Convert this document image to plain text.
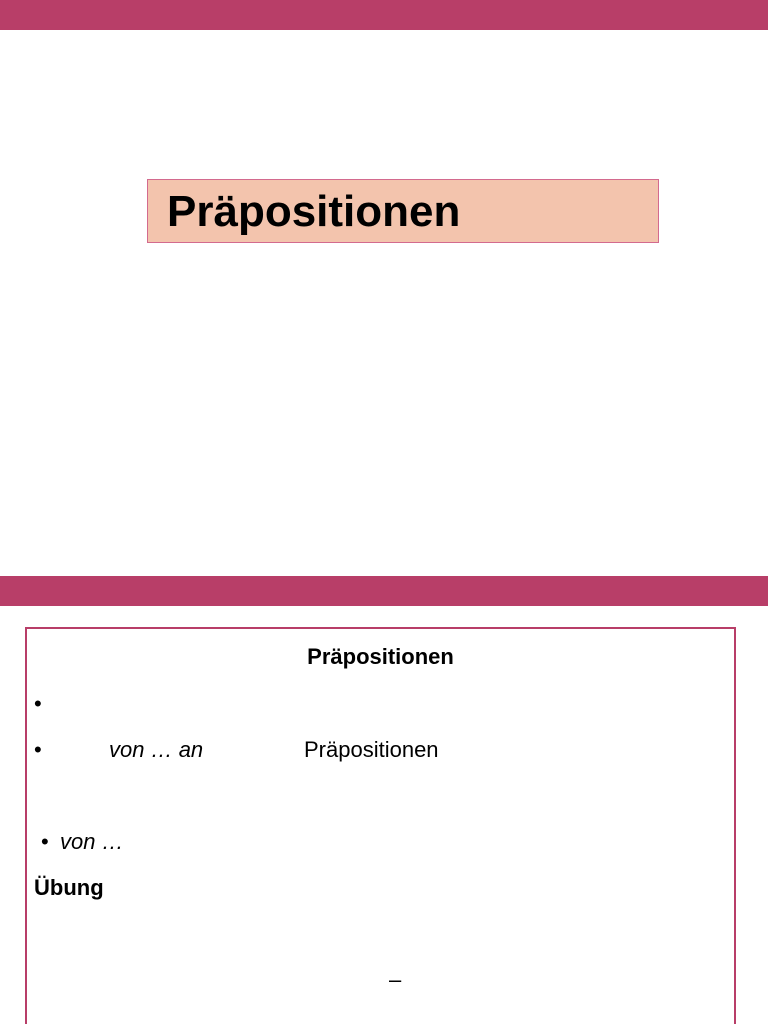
Präpositionen
Präpositionen
•
•	von … an	Präpositionen
• von …
Übung
–
